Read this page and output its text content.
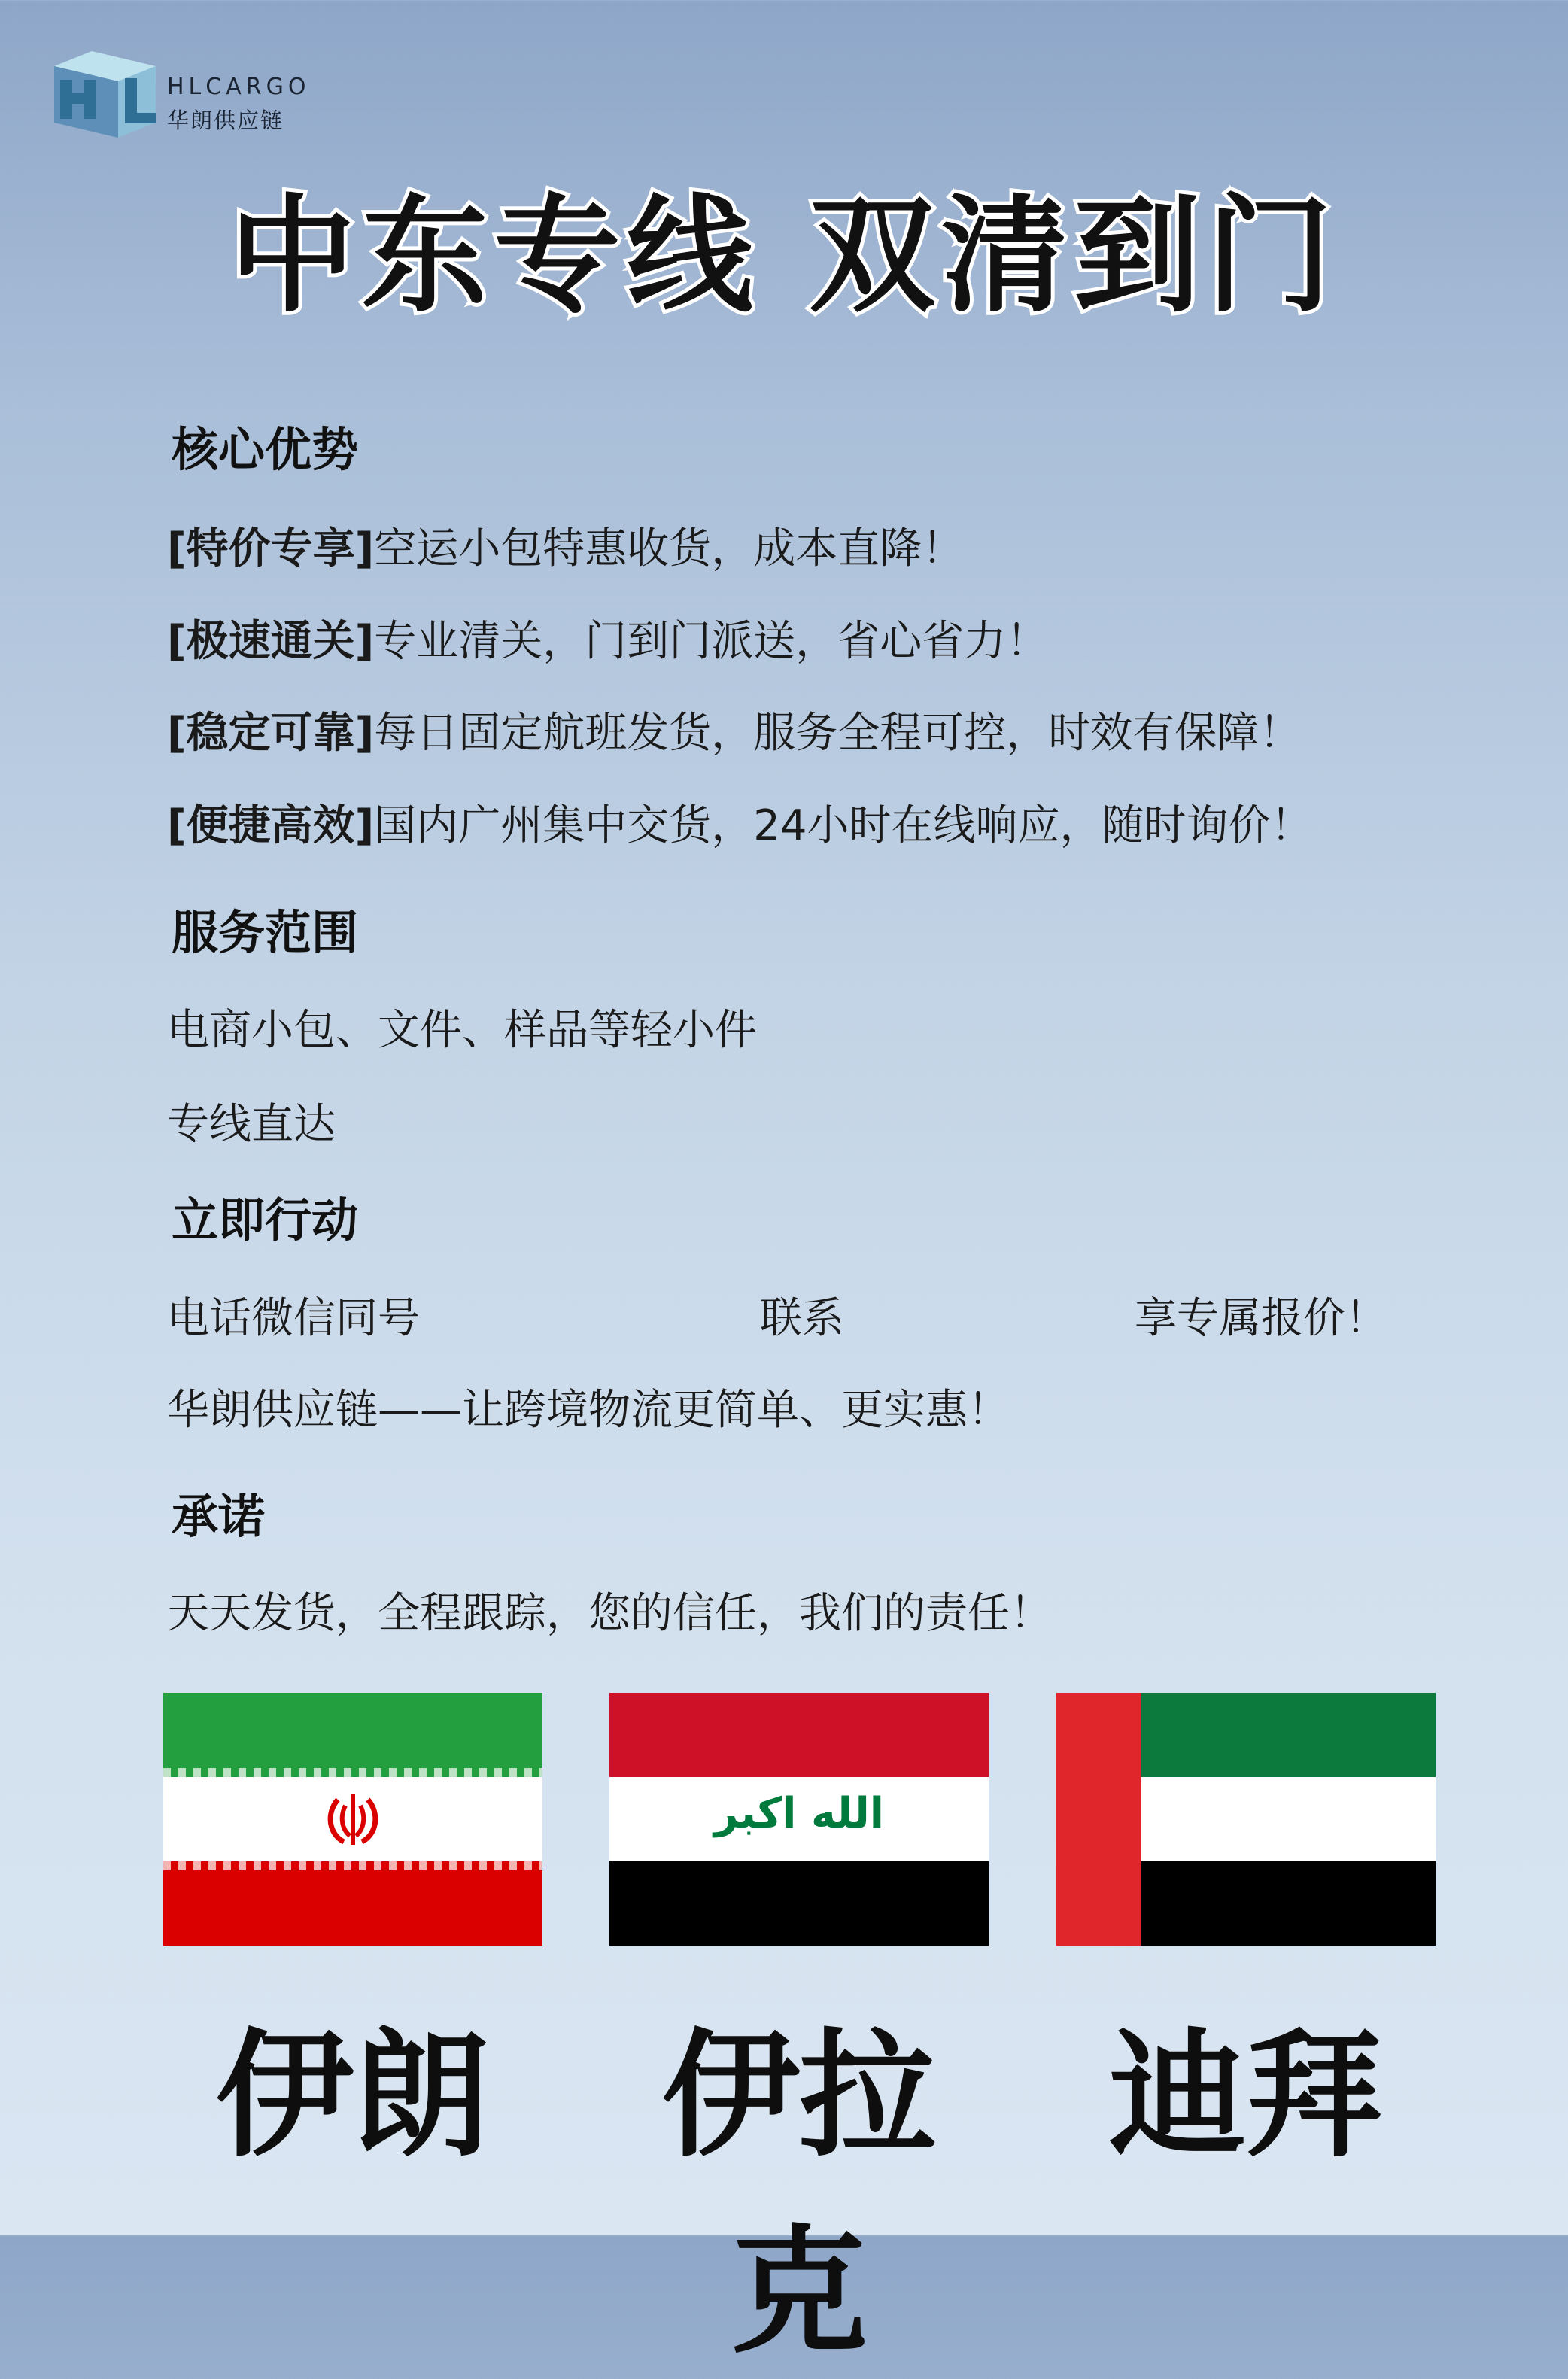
HLCARGO
华朗供应链
中东专线 双清到门
核心优势
[特价专享]空运小包特惠收货，成本直降！
[极速通关]专业清关，门到门派送，省心省力！
[稳定可靠]每日固定航班发货，服务全程可控，时效有保障！
[便捷高效]国内广州集中交货，24小时在线响应，随时询价！
服务范围
电商小包、文件、样品等轻小件
专线直达
立即行动
电话微信同号	联系	享专属报价！
华朗供应链——让跨境物流更简单、更实惠！
承诺
天天发货，全程跟踪，您的信任，我们的责任！
الله اكبر
伊朗	伊拉克
迪拜
